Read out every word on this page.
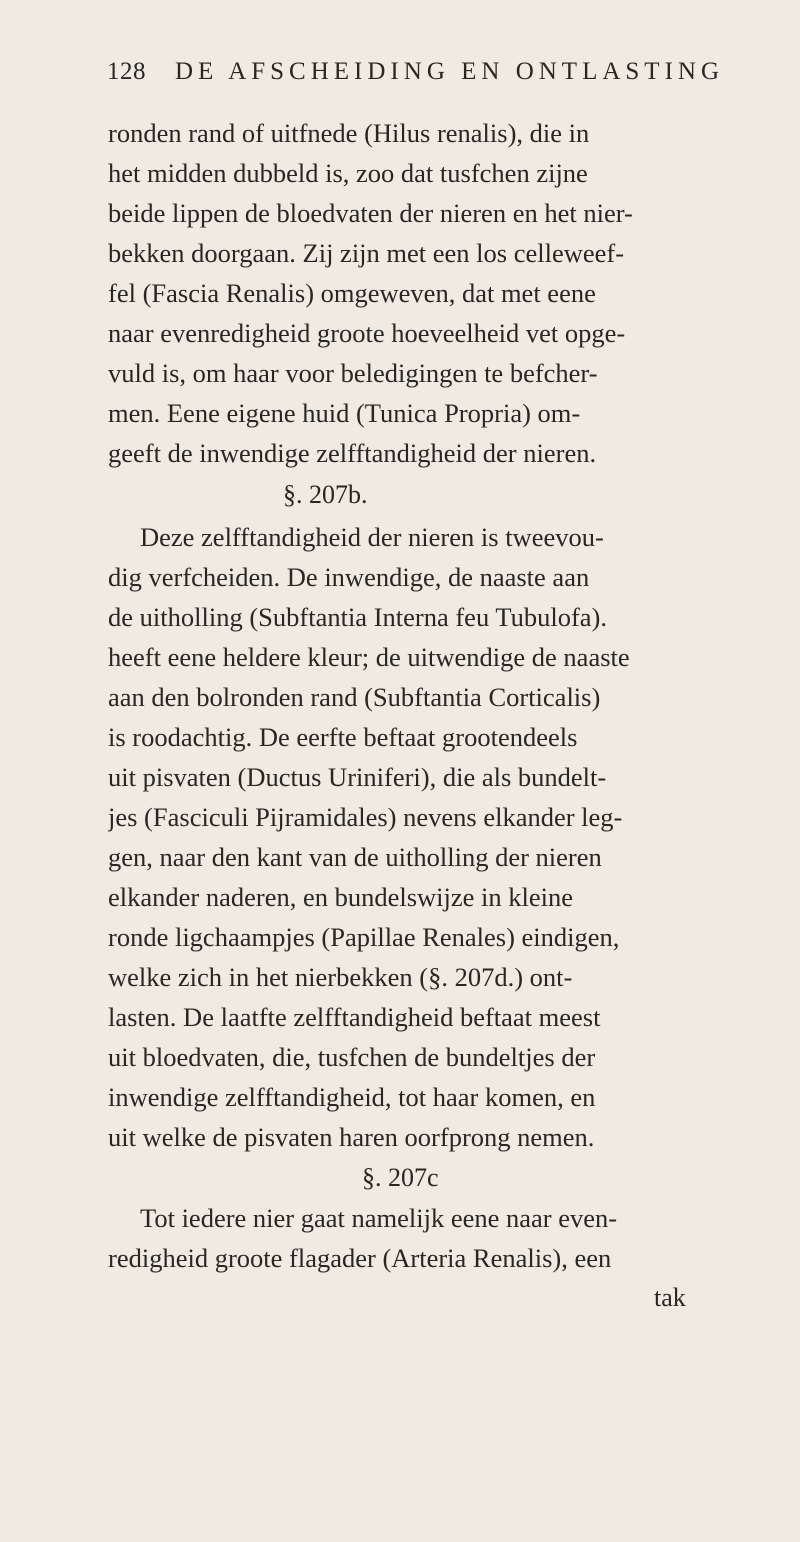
128 DE AFSCHEIDING EN ONTLASTING
ronden rand of uitfnede (Hilus renalis), die in
het midden dubbeld is, zoo dat tusfchen zijne
beide lippen de bloedvaten der nieren en het nier-
bekken doorgaan. Zij zijn met een los celleweef-
fel (Fascia Renalis) omgeweven, dat met eene
naar evenredigheid groote hoeveelheid vet opge-
vuld is, om haar voor beledigingen te befcher-
men. Eene eigene huid (Tunica Propria) om-
geeft de inwendige zelfftandigheid der nieren.
§. 207b.
Deze zelfftandigheid der nieren is tweevou-
dig verfcheiden. De inwendige, de naaste aan
de uitholling (Subftantia Interna feu Tubulofa).
heeft eene heldere kleur; de uitwendige de naaste
aan den bolronden rand (Subftantia Corticalis)
is roodachtig. De eerfte beftaat grootendeels
uit pisvaten (Ductus Uriniferi), die als bundelt-
jes (Fasciculi Pijramidales) nevens elkander leg-
gen, naar den kant van de uitholling der nieren
elkander naderen, en bundelswijze in kleine
ronde ligchaampjes (Papillae Renales) eindigen,
welke zich in het nierbekken (§. 207d.) ont-
lasten. De laatfte zelfftandigheid beftaat meest
uit bloedvaten, die, tusfchen de bundeltjes der
inwendige zelfftandigheid, tot haar komen, en
uit welke de pisvaten haren oorfprong nemen.
§. 207c
Tot iedere nier gaat namelijk eene naar even-
redigheid groote flagader (Arteria Renalis), een
tak
